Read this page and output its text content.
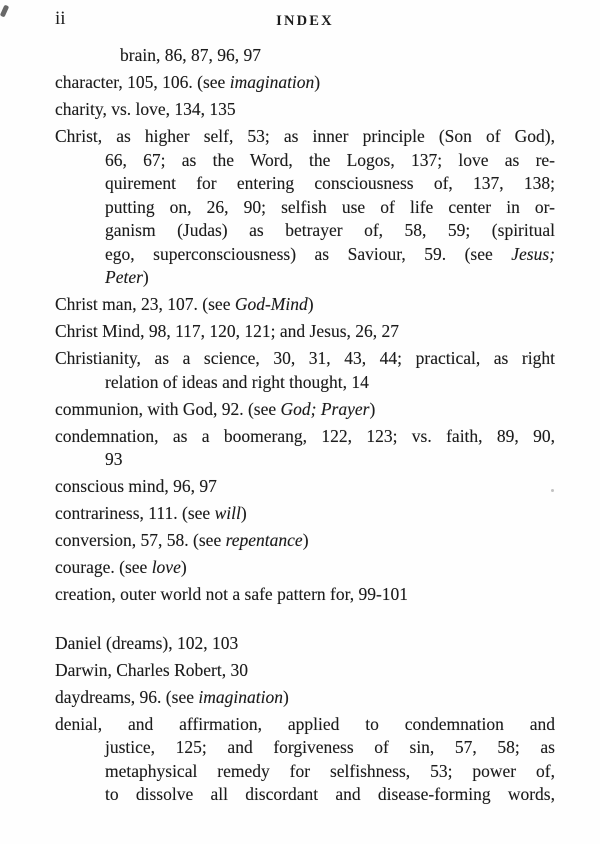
ii	INDEX
brain, 86, 87, 96, 97
character, 105, 106. (see imagination)
charity, vs. love, 134, 135
Christ, as higher self, 53; as inner principle (Son of God),
66, 67; as the Word, the Logos, 137; love as re-
quirement for entering consciousness of, 137, 138;
putting on, 26, 90; selfish use of life center in or-
ganism (Judas) as betrayer of, 58, 59; (spiritual
ego, superconsciousness) as Saviour, 59. (see Jesus;
Peter)
Christ man, 23, 107. (see God-Mind)
Christ Mind, 98, 117, 120, 121; and Jesus, 26, 27
Christianity, as a science, 30, 31, 43, 44; practical, as right
relation of ideas and right thought, 14
communion, with God, 92. (see God; Prayer)
condemnation, as a boomerang, 122, 123; vs. faith, 89, 90,
93
conscious mind, 96, 97
contrariness, 111. (see will)
conversion, 57, 58. (see repentance)
courage. (see love)
creation, outer world not a safe pattern for, 99-101
Daniel (dreams), 102, 103
Darwin, Charles Robert, 30
daydreams, 96. (see imagination)
denial, and affirmation, applied to condemnation and
justice, 125; and forgiveness of sin, 57, 58; as
metaphysical remedy for selfishness, 53; power of,
to dissolve all discordant and disease-forming words,
